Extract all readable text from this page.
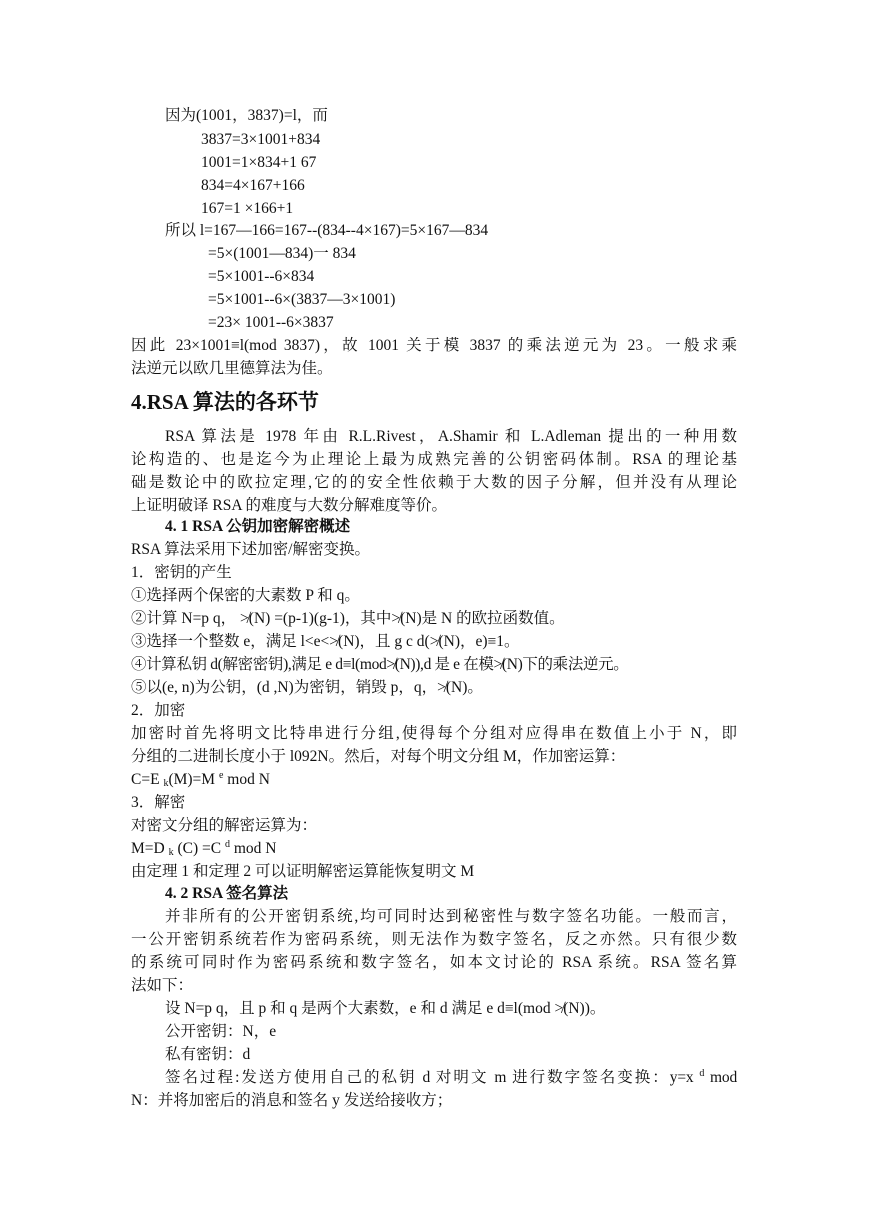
因为(1001，3837)=l，而
3837=3×1001+834
1001=1×834+1 67
834=4×167+166
167=1 ×166+1
所以 l=167—166=167--(834--4×167)=5×167—834
=5×(1001—834)一 834
=5×1001--6×834
=5×1001--6×(3837—3×1001)
=23× 1001--6×3837
因此 23×1001≡l(mod 3837)，故 1001 关于模 3837 的乘法逆元为 23。一般求乘
法逆元以欧几里德算法为佳。
4.RSA 算法的各环节
RSA 算法是 1978 年由 R.L.Rivest，A.Shamir 和 L.Adleman 提出的一种用数
论构造的、也是迄今为止理论上最为成熟完善的公钥密码体制。RSA 的理论基
础是数论中的欧拉定理,它的的安全性依赖于大数的因子分解，但并没有从理论
上证明破译 RSA 的难度与大数分解难度等价。
4. 1 RSA 公钥加密解密概述
RSA 算法采用下述加密/解密变换。
1．密钥的产生
①选择两个保密的大素数 P 和 q。
②计算 N=p q， ≯(N) =(p-1)(g-1)，其中≯(N)是 N 的欧拉函数值。
③选择一个整数 e，满足 l<e<≯(N)，且 g c d(≯(N)，e)≡1。
④计算私钥 d(解密密钥),满足 e d≡l(mod≯(N)),d 是 e 在模≯(N)下的乘法逆元。
⑤以(e, n)为公钥，(d ,N)为密钥，销毁 p，q，≯(N)。
2．加密
加密时首先将明文比特串进行分组,使得每个分组对应得串在数值上小于 N，即
分组的二进制长度小于 l092N。然后，对每个明文分组 M，作加密运算：
C=E $_k$(M)=M $^e$ mod N
3．解密
对密文分组的解密运算为：
M=D $_k$ (C) =C $^d$ mod N
由定理 1 和定理 2 可以证明解密运算能恢复明文 M
4. 2 RSA 签名算法
并非所有的公开密钥系统,均可同时达到秘密性与数字签名功能。一般而言，
一公开密钥系统若作为密码系统，则无法作为数字签名，反之亦然。只有很少数
的系统可同时作为密码系统和数字签名，如本文讨论的 RSA 系统。RSA 签名算
法如下：
设 N=p q，且 p 和 q 是两个大素数，e 和 d 满足 e d≡l(mod ≯(N))。
公开密钥：N，e
私有密钥：d
签名过程:发送方使用自己的私钥 d 对明文 m 进行数字签名变换：y=x $^d$ mod
N：并将加密后的消息和签名 y 发送给接收方；
